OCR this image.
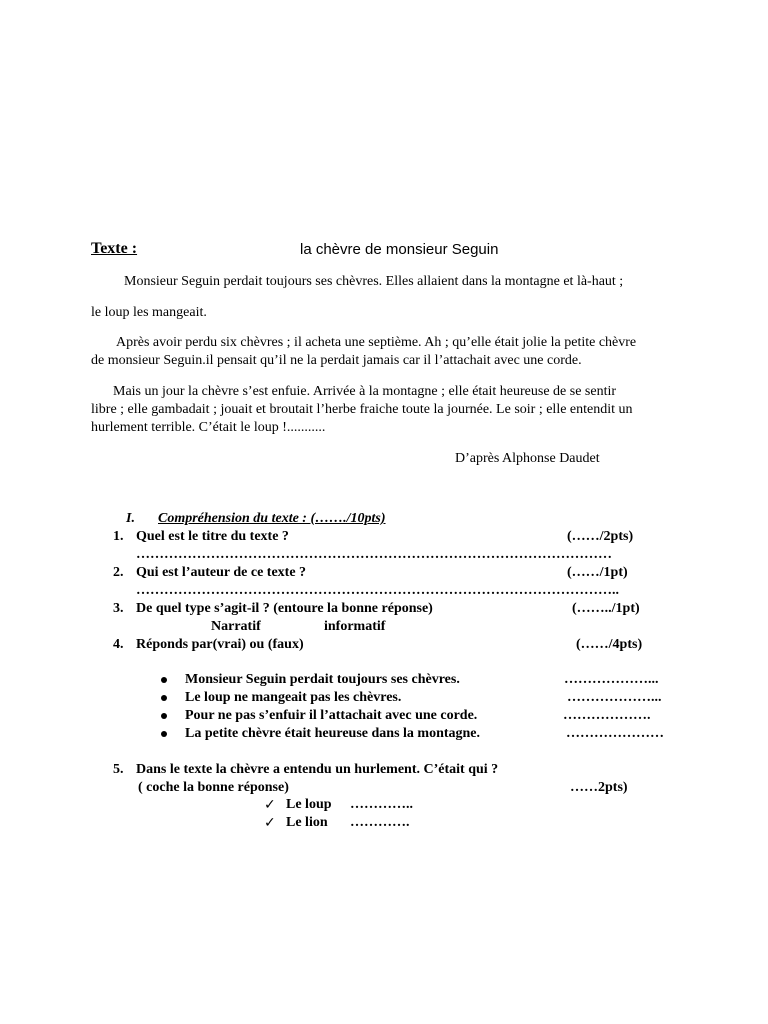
Texte :	la chèvre de monsieur Seguin
Monsieur Seguin perdait toujours ses chèvres. Elles allaient dans la montagne et là-haut ;
le loup les mangeait.
Après avoir perdu six chèvres ; il acheta une septième. Ah ; qu’elle était jolie la petite chèvre
de monsieur Seguin.il pensait qu’il ne la perdait jamais car il l’attachait avec une corde.
Mais un jour la chèvre s’est enfuie. Arrivée à la montagne ; elle était heureuse de se sentir
libre ; elle gambadait ; jouait et broutait l’herbe fraiche toute la journée. Le soir ; elle entendit un
hurlement terrible. C’était le loup !...........
D’après Alphonse Daudet
I. Compréhension du texte : (……./10pts)
1. Quel est le titre du texte ?	(……/2pts)
…………………………………………………………………………………………
2. Qui est l’auteur de ce texte ?	(……/1pt)
…………………………………………………………………………………………..
3. De quel type s’agit-il ? (entoure la bonne réponse)	(……../1pt)
Narratif	informatif
4. Réponds par(vrai) ou (faux)	(……/4pts)
Monsieur Seguin perdait toujours ses chèvres.	………………...
Le loup ne mangeait pas les chèvres.	………………...
Pour ne pas s’enfuir il l’attachait avec une corde.	……………….
La petite chèvre était heureuse dans la montagne.	…………………
5. Dans le texte la chèvre a entendu un hurlement. C’était qui ?
( coche la bonne réponse)	……2pts)
✓ Le loup …………..
✓ Le lion ………….
